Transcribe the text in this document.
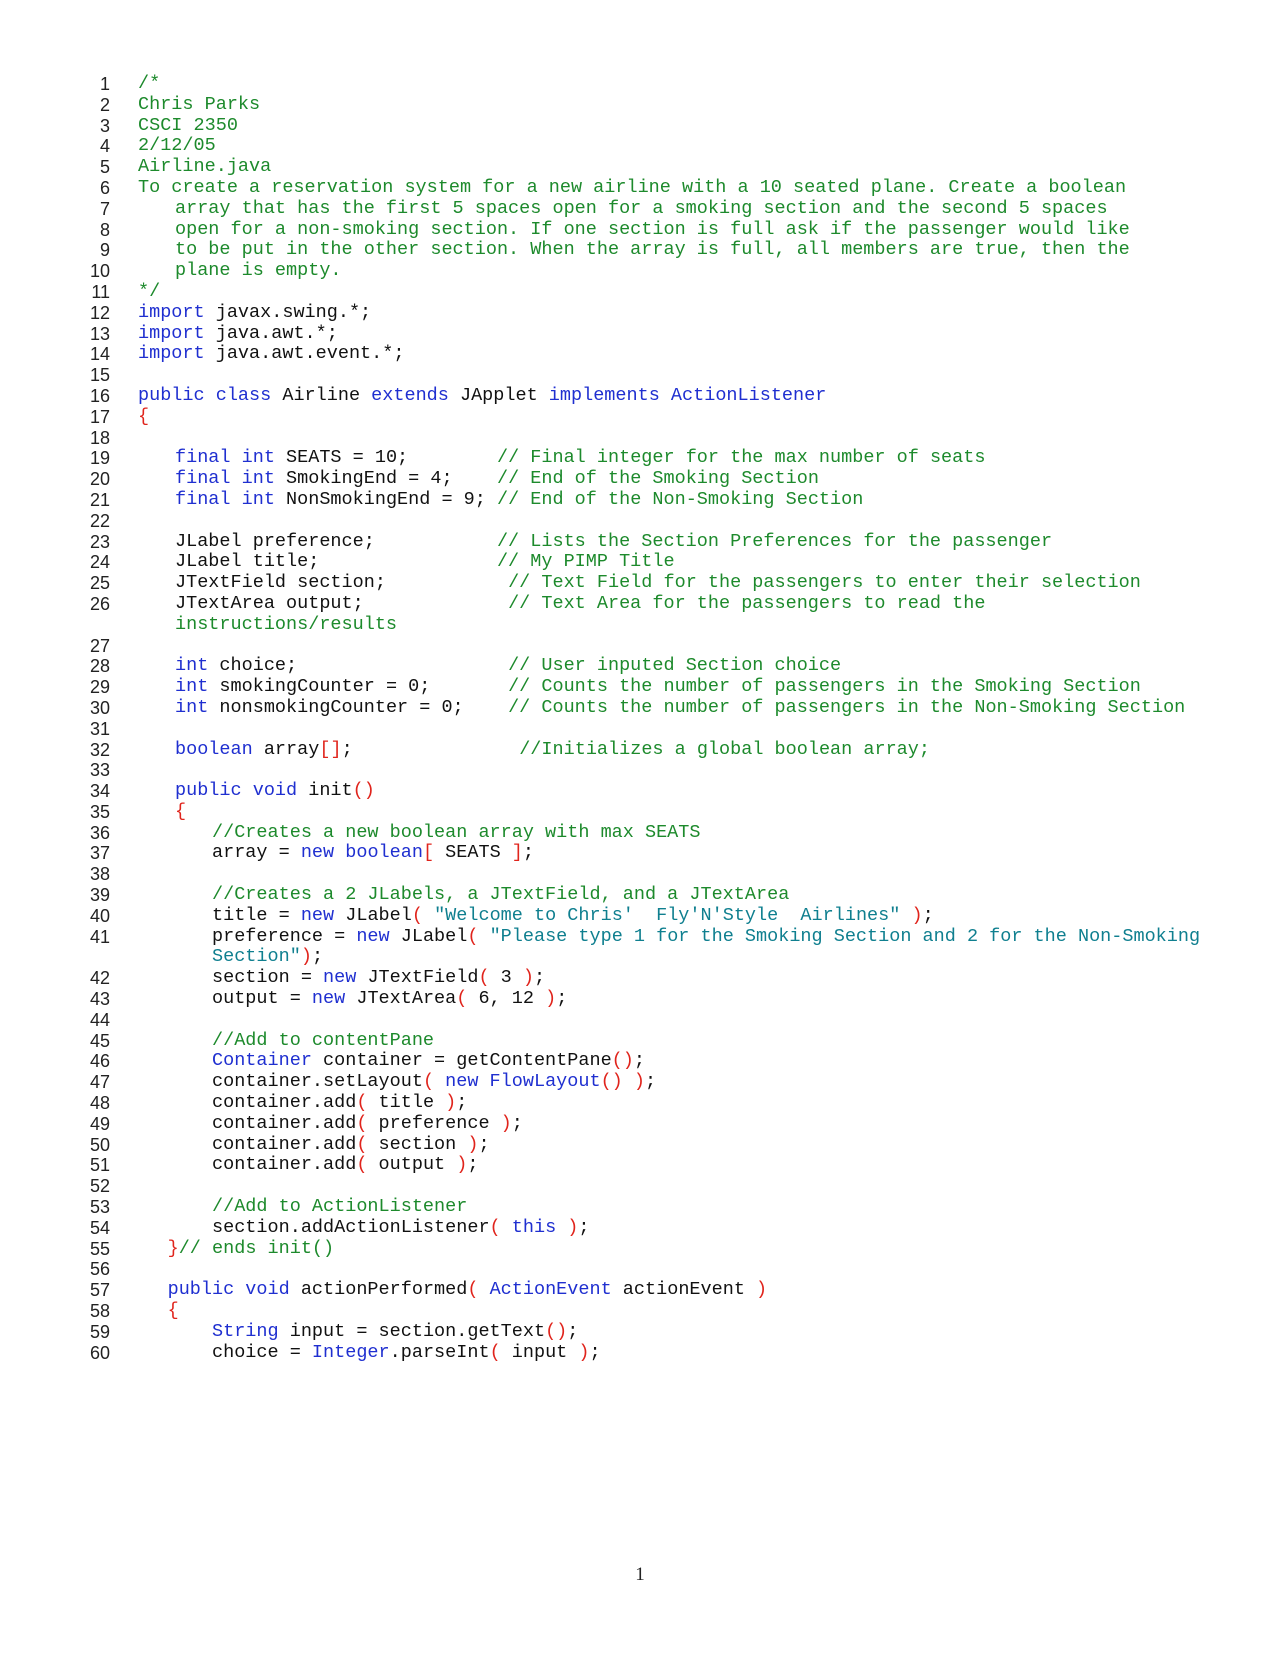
1 /*
2 Chris Parks
3 CSCI 2350
4 2/12/05
5 Airline.java
6 To create a reservation system for a new airline with a 10 seated plane. Create a boolean
7	array that has the first 5 spaces open for a smoking section and the second 5 spaces
8	open for a non-smoking section. If one section is full ask if the passenger would like
9	to be put in the other section. When the array is full, all members are true, then the
10	plane is empty.
11 */
12 import javax.swing.*;
13 import java.awt.*;
14 import java.awt.event.*;
15

16 public class Airline extends JApplet implements ActionListener
17 {
18

19	final int SEATS = 10;        // Final integer for the max number of seats
20	final int SmokingEnd = 4;    // End of the Smoking Section
21	final int NonSmokingEnd = 9; // End of the Non-Smoking Section
22

23	JLabel preference;           // Lists the Section Preferences for the passenger
24	JLabel title;                // My PIMP Title
25	JTextField section;           // Text Field for the passengers to enter their selection
26	JTextArea output;             // Text Area for the passengers to read the instructions/results
27

28	int choice;                   // User inputed Section choice
29	int smokingCounter = 0;       // Counts the number of passengers in the Smoking Section
30	int nonsmokingCounter = 0;    // Counts the number of passengers in the Non-Smoking Section
31

32	boolean array[];               //Initializes a global boolean array;
33

34	public void init()
35	{
36	//Creates a new boolean array with max SEATS
37	array = new boolean[ SEATS ];
38

39	//Creates a 2 JLabels, a JTextField, and a JTextArea
40	title = new JLabel( "Welcome to Chris'  Fly'N'Style  Airlines" );
41	preference = new JLabel( "Please type 1 for the Smoking Section and 2 for the Non-Smoking Section");
42	section = new JTextField( 3 );
43	output = new JTextArea( 6, 12 );
44

45	//Add to contentPane
46	Container container = getContentPane();
47	container.setLayout( new FlowLayout() );
48	container.add( title );
49	container.add( preference );
50	container.add( section );
51	container.add( output );
52

53	//Add to ActionListener
54	section.addActionListener( this );
55	}// ends init()
56

57	public void actionPerformed( ActionEvent actionEvent )
58	{
59	String input = section.getText();
60	choice = Integer.parseInt( input );
1
